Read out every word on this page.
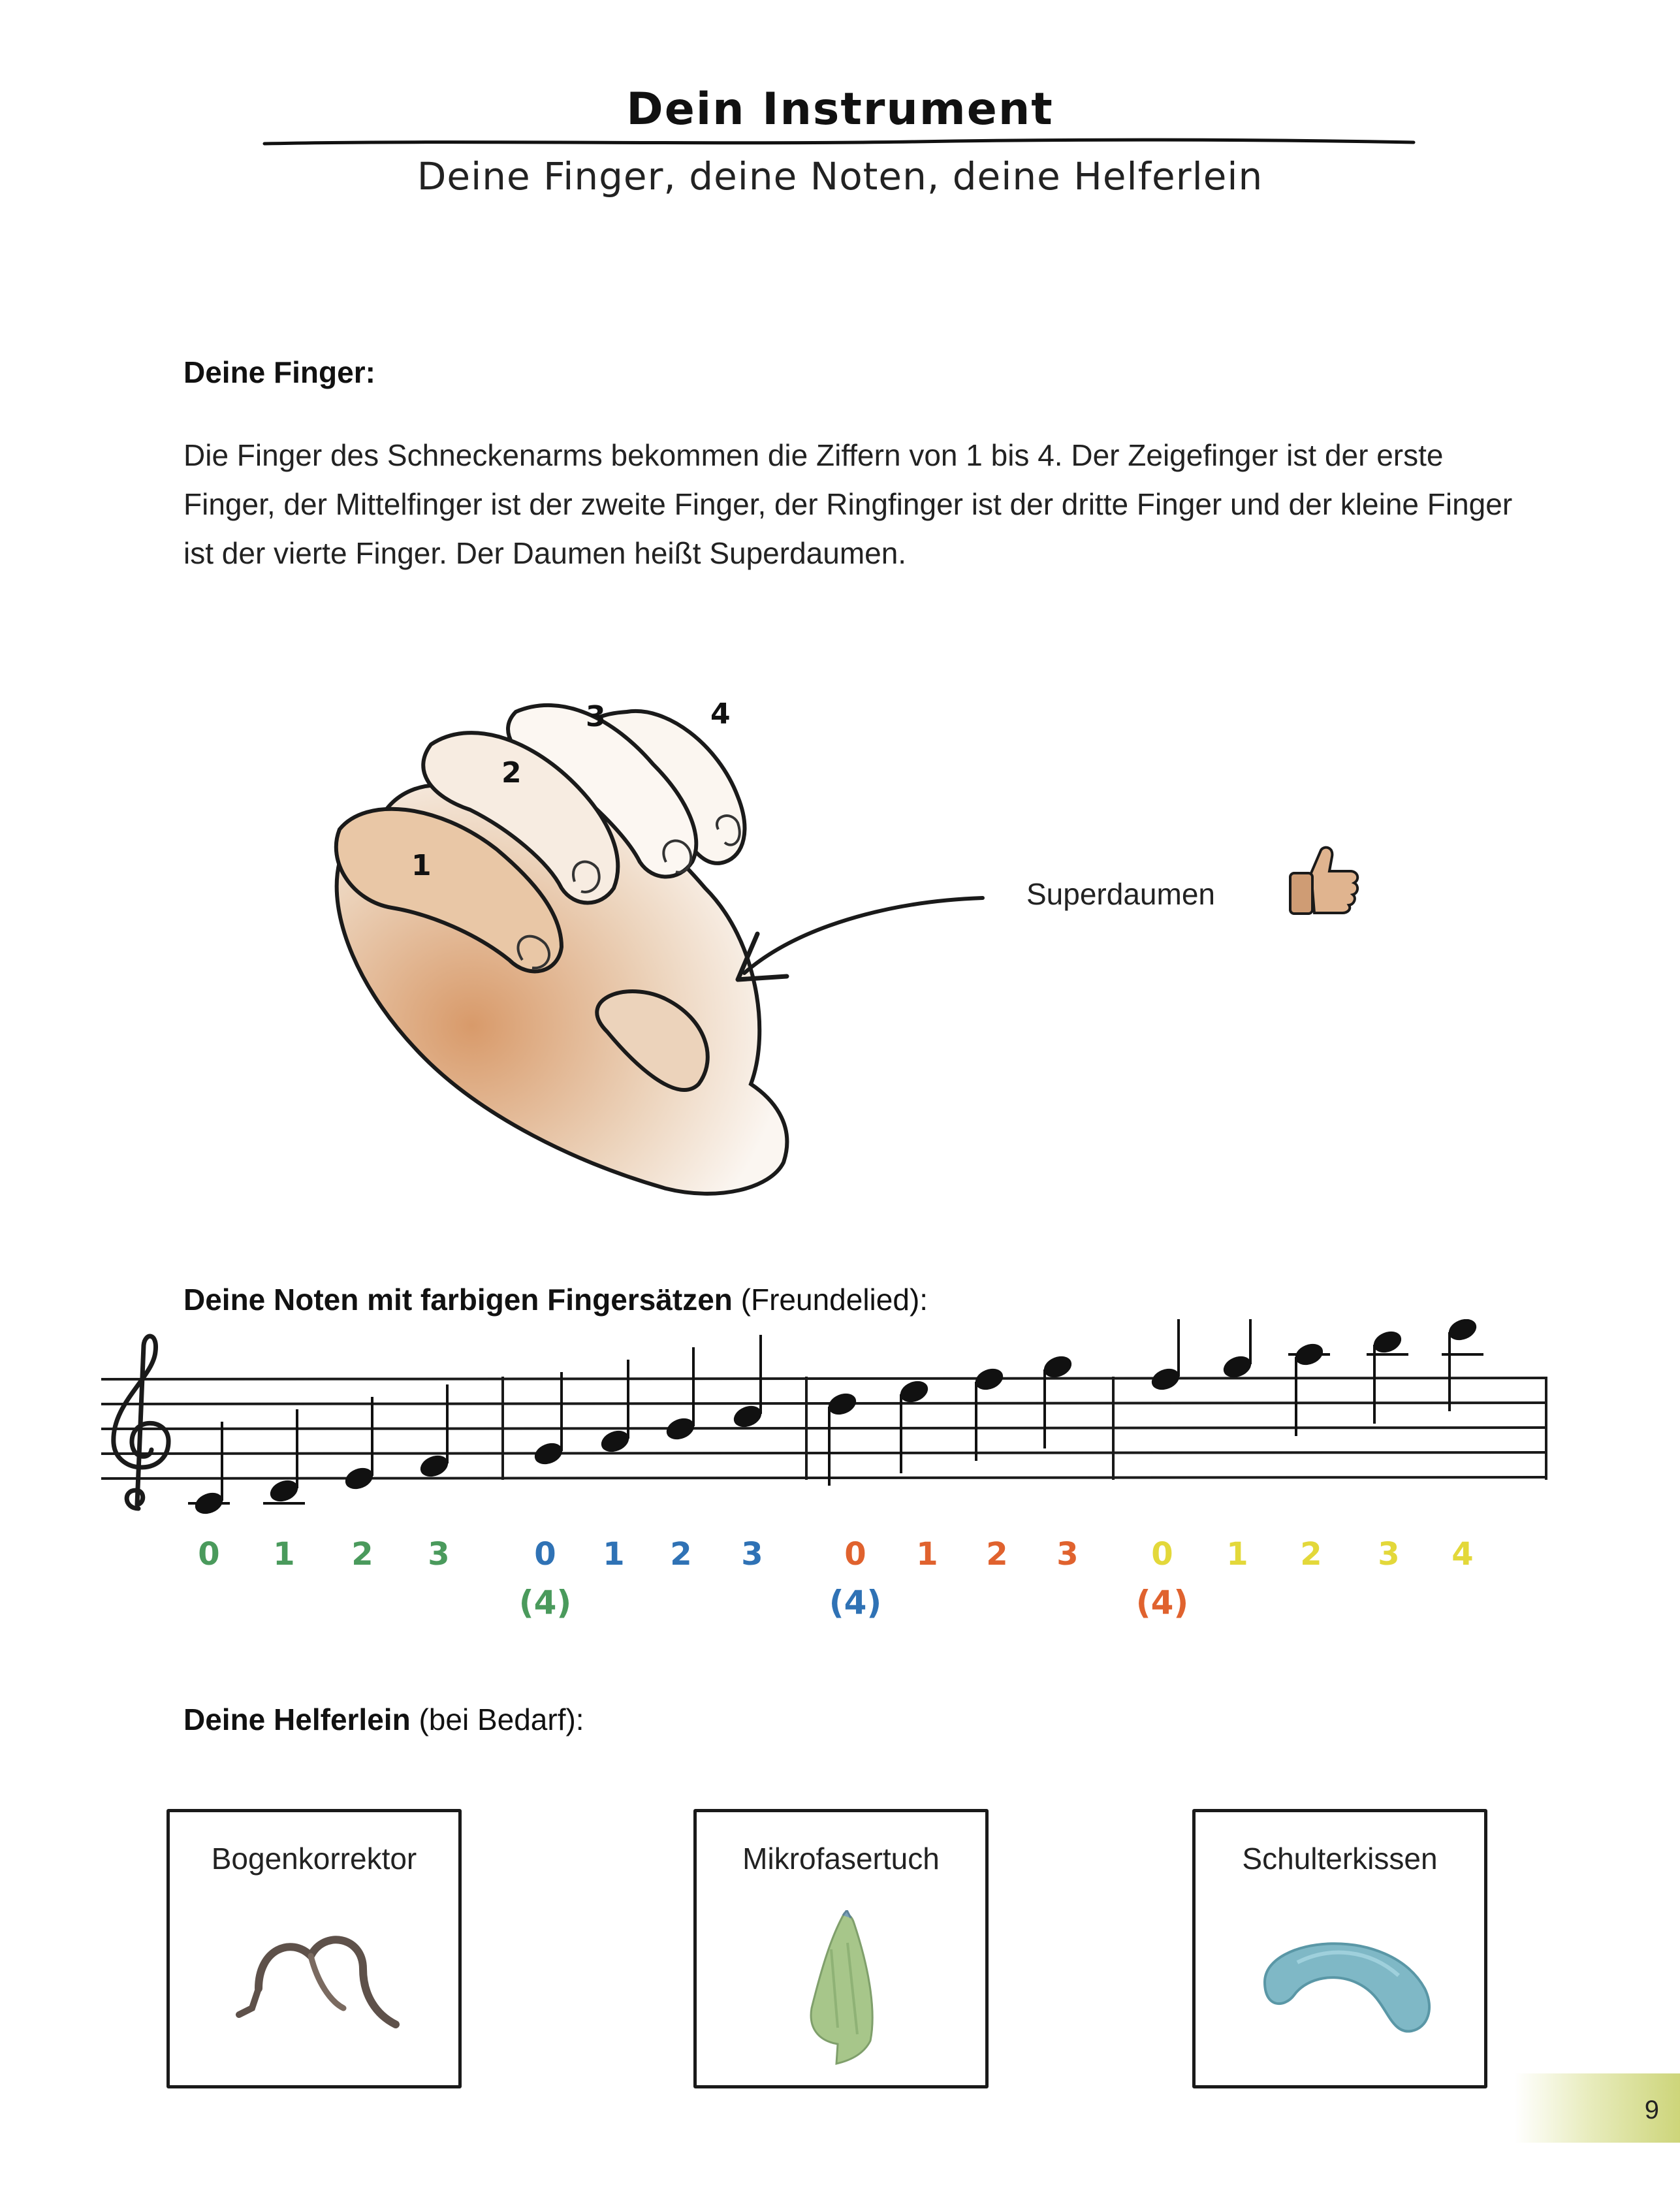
Dein Instrument
Deine Finger, deine Noten, deine Helferlein
Deine Finger:
Die Finger des Schneckenarms bekommen die Ziffern von 1 bis 4. Der Zeigefinger ist der erste Finger, der Mittelfinger ist der zweite Finger, der Ringfinger ist der dritte Finger und der kleine Finger ist der vierte Finger. Der Daumen heißt Superdaumen.
1
2
3	4
Superdaumen
Deine Noten mit farbigen Fingersätzen (Freundelied):
0 1 2 3
(4)
0 1 2 3
(4)
0 1 2 3
(4)
0 1 2 3 4
Deine Helferlein (bei Bedarf):
Bogenkorrektor	Mikrofasertuch	Schulterkissen
9
